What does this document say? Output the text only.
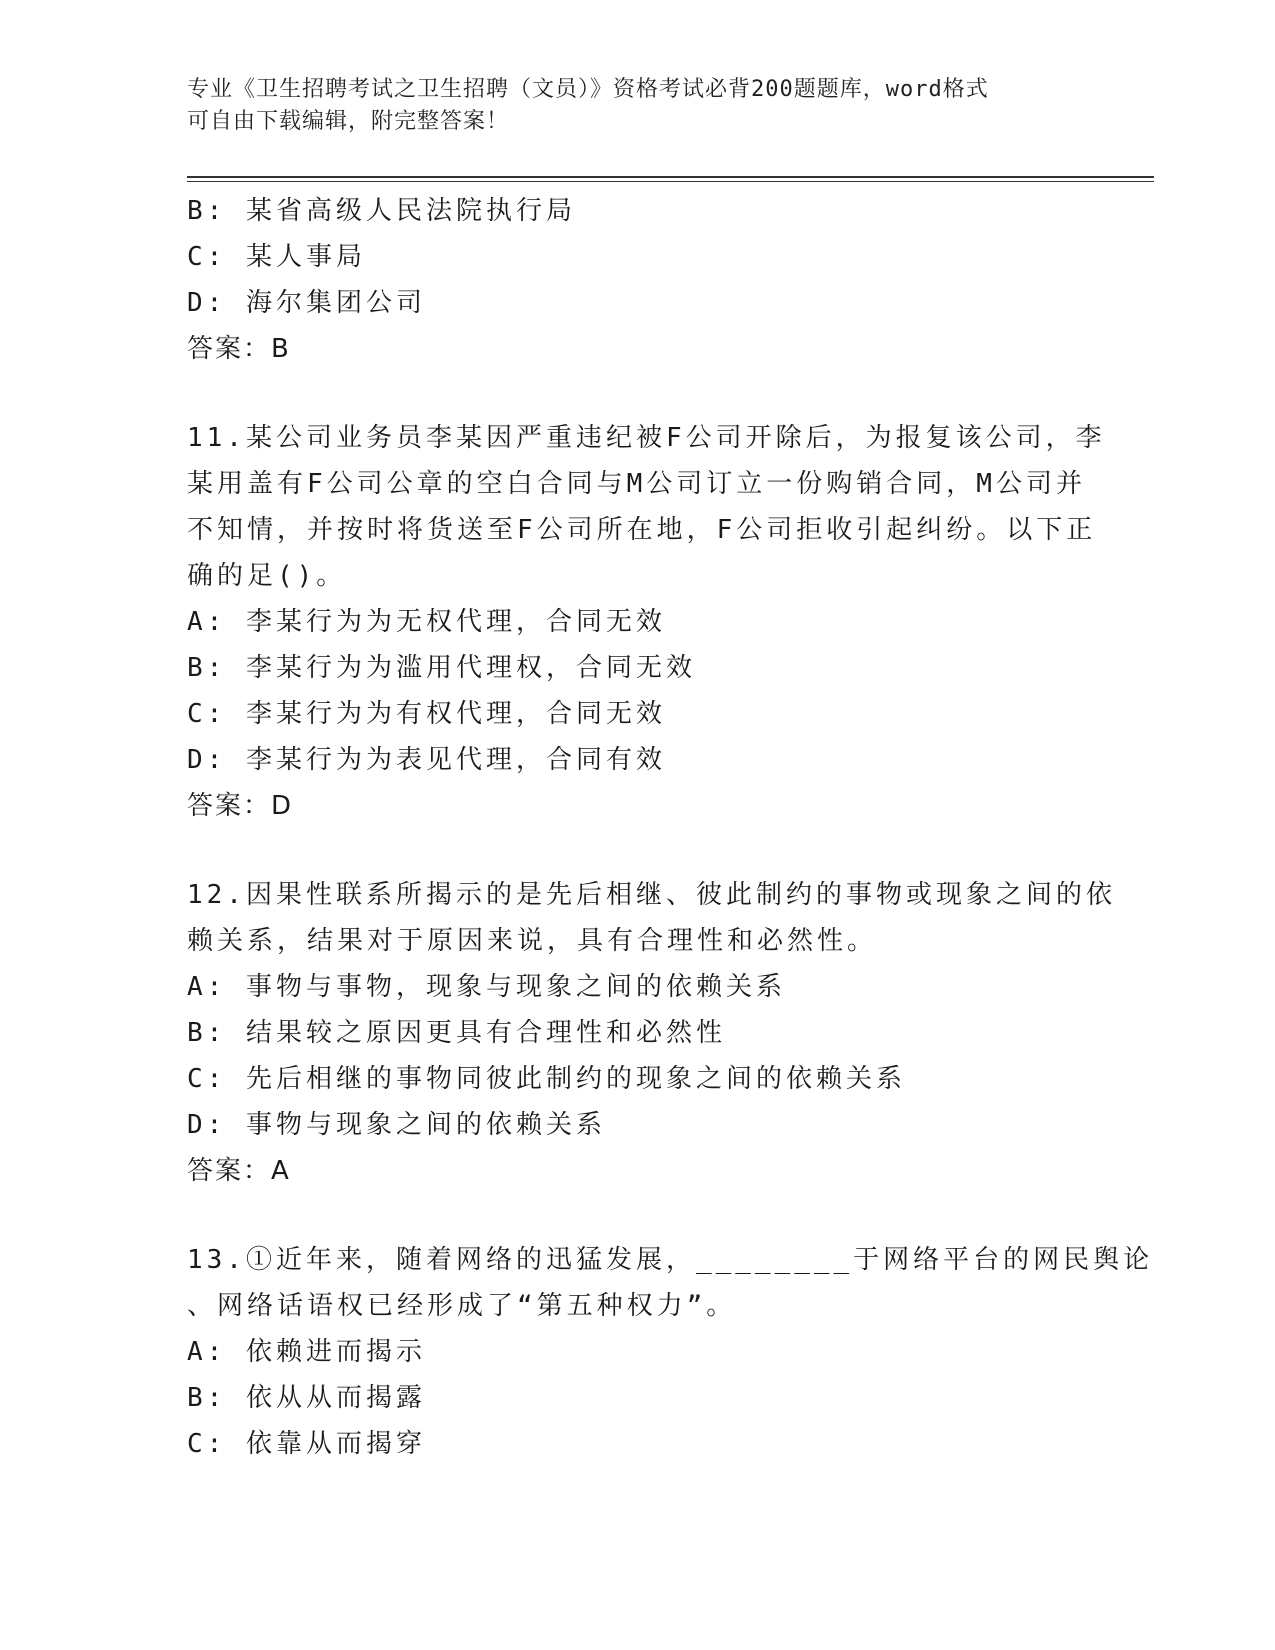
专业《卫生招聘考试之卫生招聘（文员）》资格考试必背200题题库，word格式
可自由下载编辑，附完整答案！
B: 某省高级人民法院执行局
C: 某人事局
D: 海尔集团公司
答案：B
11.某公司业务员李某因严重违纪被F公司开除后，为报复该公司，李
某用盖有F公司公章的空白合同与M公司订立一份购销合同，M公司并
不知情，并按时将货送至F公司所在地，F公司拒收引起纠纷。以下正
确的足()。
A: 李某行为为无权代理，合同无效
B: 李某行为为滥用代理权，合同无效
C: 李某行为为有权代理，合同无效
D: 李某行为为表见代理，合同有效
答案：D
12.因果性联系所揭示的是先后相继、彼此制约的事物或现象之间的依
赖关系，结果对于原因来说，具有合理性和必然性。
A: 事物与事物，现象与现象之间的依赖关系
B: 结果较之原因更具有合理性和必然性
C: 先后相继的事物同彼此制约的现象之间的依赖关系
D: 事物与现象之间的依赖关系
答案：A
13.①近年来，随着网络的迅猛发展，________于网络平台的网民舆论
、网络话语权已经形成了“第五种权力”。
A: 依赖进而揭示
B: 依从从而揭露
C: 依靠从而揭穿
